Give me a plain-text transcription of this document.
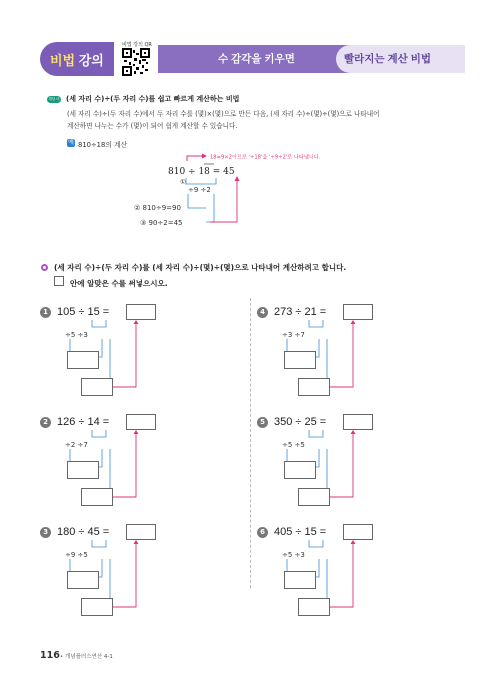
비법 강의
비법 강의 QR
수 감각을 키우면	빨라지는 계산 비법
개념 더하기
(세 자리 수)÷(두 자리 수)를 쉽고 빠르게 계산하는 비법
(세 자리 수)÷(두 자리 수)에서 두 자리 수를 (몇)×(몇)으로 만든 다음, (세 자리 수)÷(몇)÷(몇)으로 나타내어
계산하면 나누는 수가 (몇)이 되어 쉽게 계산할 수 있습니다.
예 810÷18의 계산
18=9×2이므로 '÷18'을 '÷9÷2'로 나타냅니다.
810 ÷ 18 = 45
①
÷9 ÷2
② 810÷9=90
③ 90÷2=45
(세 자리 수)÷(두 자리 수)를 (세 자리 수)÷(몇)÷(몇)으로 나타내어 계산하려고 합니다.
안에 알맞은 수를 써넣으시오.
1 105 ÷ 15 =
÷5 ÷3
2 126 ÷ 14 =
÷2 ÷7
3 180 ÷ 45 =
÷9 ÷5
4 273 ÷ 21 =
÷3 ÷7
5 350 ÷ 25 =
÷5 ÷5
6 405 ÷ 15 =
÷5 ÷3
116 • 개념플러스연산 4-1
